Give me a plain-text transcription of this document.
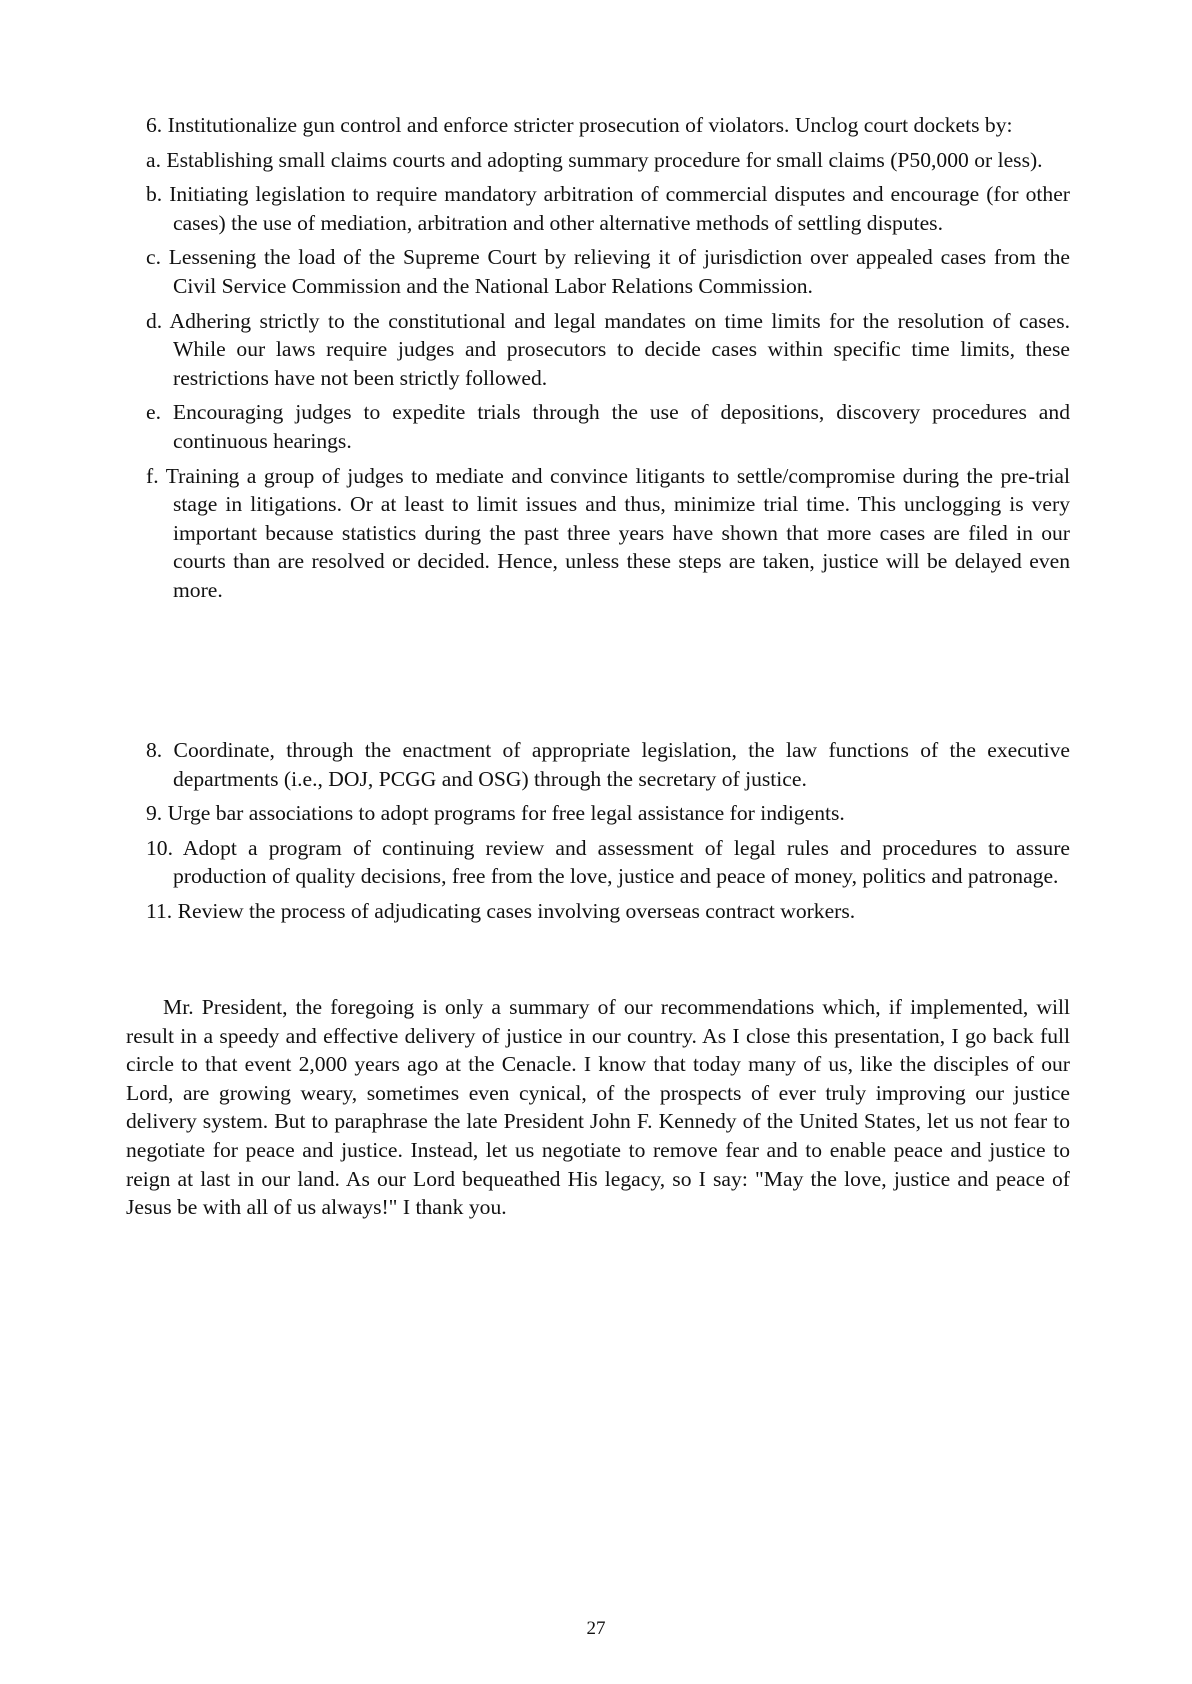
6. Institutionalize gun control and enforce stricter prosecution of violators. Unclog court dockets by:

a. Establishing small claims courts and adopting summary procedure for small claims (P50,000 or less).

b. Initiating legislation to require mandatory arbitration of commercial disputes and encourage (for other cases) the use of mediation, arbitration and other alternative methods of settling disputes.

c. Lessening the load of the Supreme Court by relieving it of jurisdiction over appealed cases from the Civil Service Commission and the National Labor Relations Commission.

d. Adhering strictly to the constitutional and legal mandates on time limits for the resolution of cases. While our laws require judges and prosecutors to decide cases within specific time limits, these restrictions have not been strictly followed.

e. Encouraging judges to expedite trials through the use of depositions, discovery procedures and continuous hearings.

f. Training a group of judges to mediate and convince litigants to settle/compromise during the pre-trial stage in litigations. Or at least to limit issues and thus, minimize trial time. This unclogging is very important because statistics during the past three years have shown that more cases are filed in our courts than are resolved or decided. Hence, unless these steps are taken, justice will be delayed even more.

8. Coordinate, through the enactment of appropriate legislation, the law functions of the executive departments (i.e., DOJ, PCGG and OSG) through the secretary of justice.

9. Urge bar associations to adopt programs for free legal assistance for indigents.

10. Adopt a program of continuing review and assessment of legal rules and procedures to assure production of quality decisions, free from the love, justice and peace of money, politics and patronage.

11. Review the process of adjudicating cases involving overseas contract workers.

Mr. President, the foregoing is only a summary of our recommendations which, if implemented, will result in a speedy and effective delivery of justice in our country. As I close this presentation, I go back full circle to that event 2,000 years ago at the Cenacle. I know that today many of us, like the disciples of our Lord, are growing weary, sometimes even cynical, of the prospects of ever truly improving our justice delivery system. But to paraphrase the late President John F. Kennedy of the United States, let us not fear to negotiate for peace and justice. Instead, let us negotiate to remove fear and to enable peace and justice to reign at last in our land. As our Lord bequeathed His legacy, so I say: "May the love, justice and peace of Jesus be with all of us always!" I thank you.

27
